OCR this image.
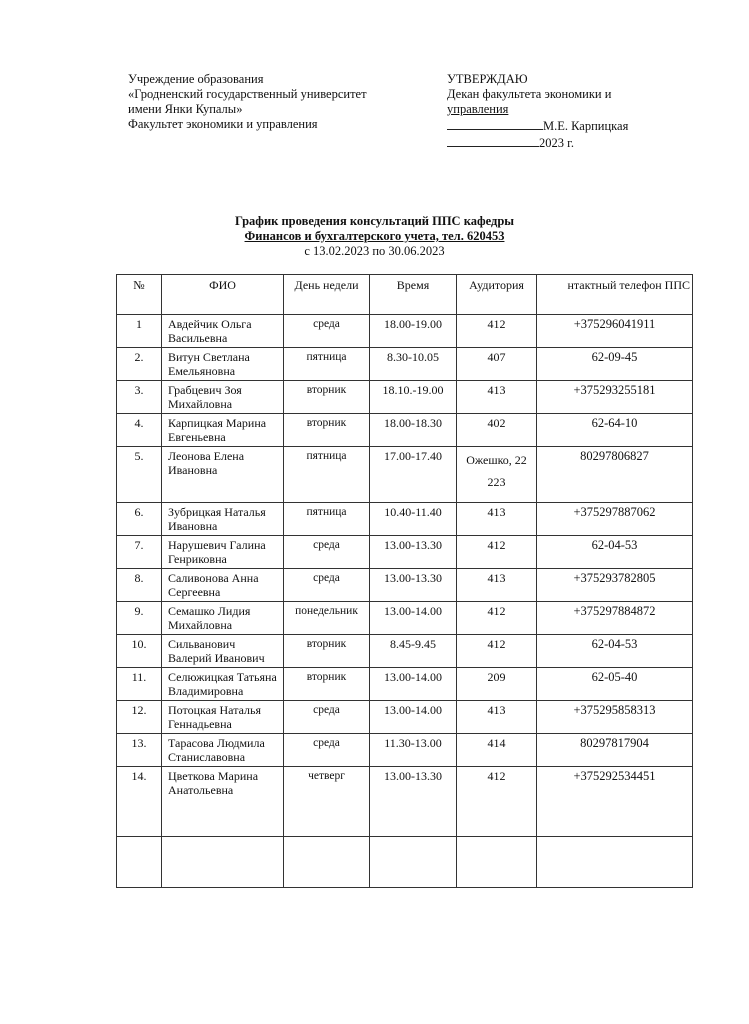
Учреждение образования
«Гродненский государственный университет
имени Янки Купалы»
Факультет экономики и управления
УТВЕРЖДАЮ
Декан факультета экономики и
управления
М.Е. Карпицкая
2023 г.
График проведения консультаций ППС кафедры
Финансов и бухгалтерского учета, тел. 620453
с 13.02.2023 по 30.06.2023
№	ФИО	День недели	Время	Аудитория	нтактный телефон ППС
1	Авдейчик Ольга Васильевна	среда	18.00-19.00	412	+375296041911
2.	Витун Светлана Емельяновна	пятница	8.30-10.05	407	62-09-45
3.	Грабцевич Зоя Михайловна	вторник	18.10.-19.00	413	+375293255181
4.	Карпицкая Марина Евгеньевна	вторник	18.00-18.30	402	62-64-10
5.	Леонова Елена Ивановна	пятница	17.00-17.40	Ожешко, 22 223	80297806827
6.	Зубрицкая Наталья Ивановна	пятница	10.40-11.40	413	+375297887062
7.	Нарушевич Галина Генриковна	среда	13.00-13.30	412	62-04-53
8.	Саливонова Анна Сергеевна	среда	13.00-13.30	413	+375293782805
9.	Семашко Лидия Михайловна	понедельник	13.00-14.00	412	+375297884872
10.	Сильванович Валерий Иванович	вторник	8.45-9.45	412	62-04-53
11.	Селюжицкая Татьяна Владимировна	вторник	13.00-14.00	209	62-05-40
12.	Потоцкая Наталья Геннадьевна	среда	13.00-14.00	413	+375295858313
13.	Тарасова Людмила Станиславовна	среда	11.30-13.00	414	80297817904
14.	Цветкова Марина Анатольевна	четверг	13.00-13.30	412	+375292534451
